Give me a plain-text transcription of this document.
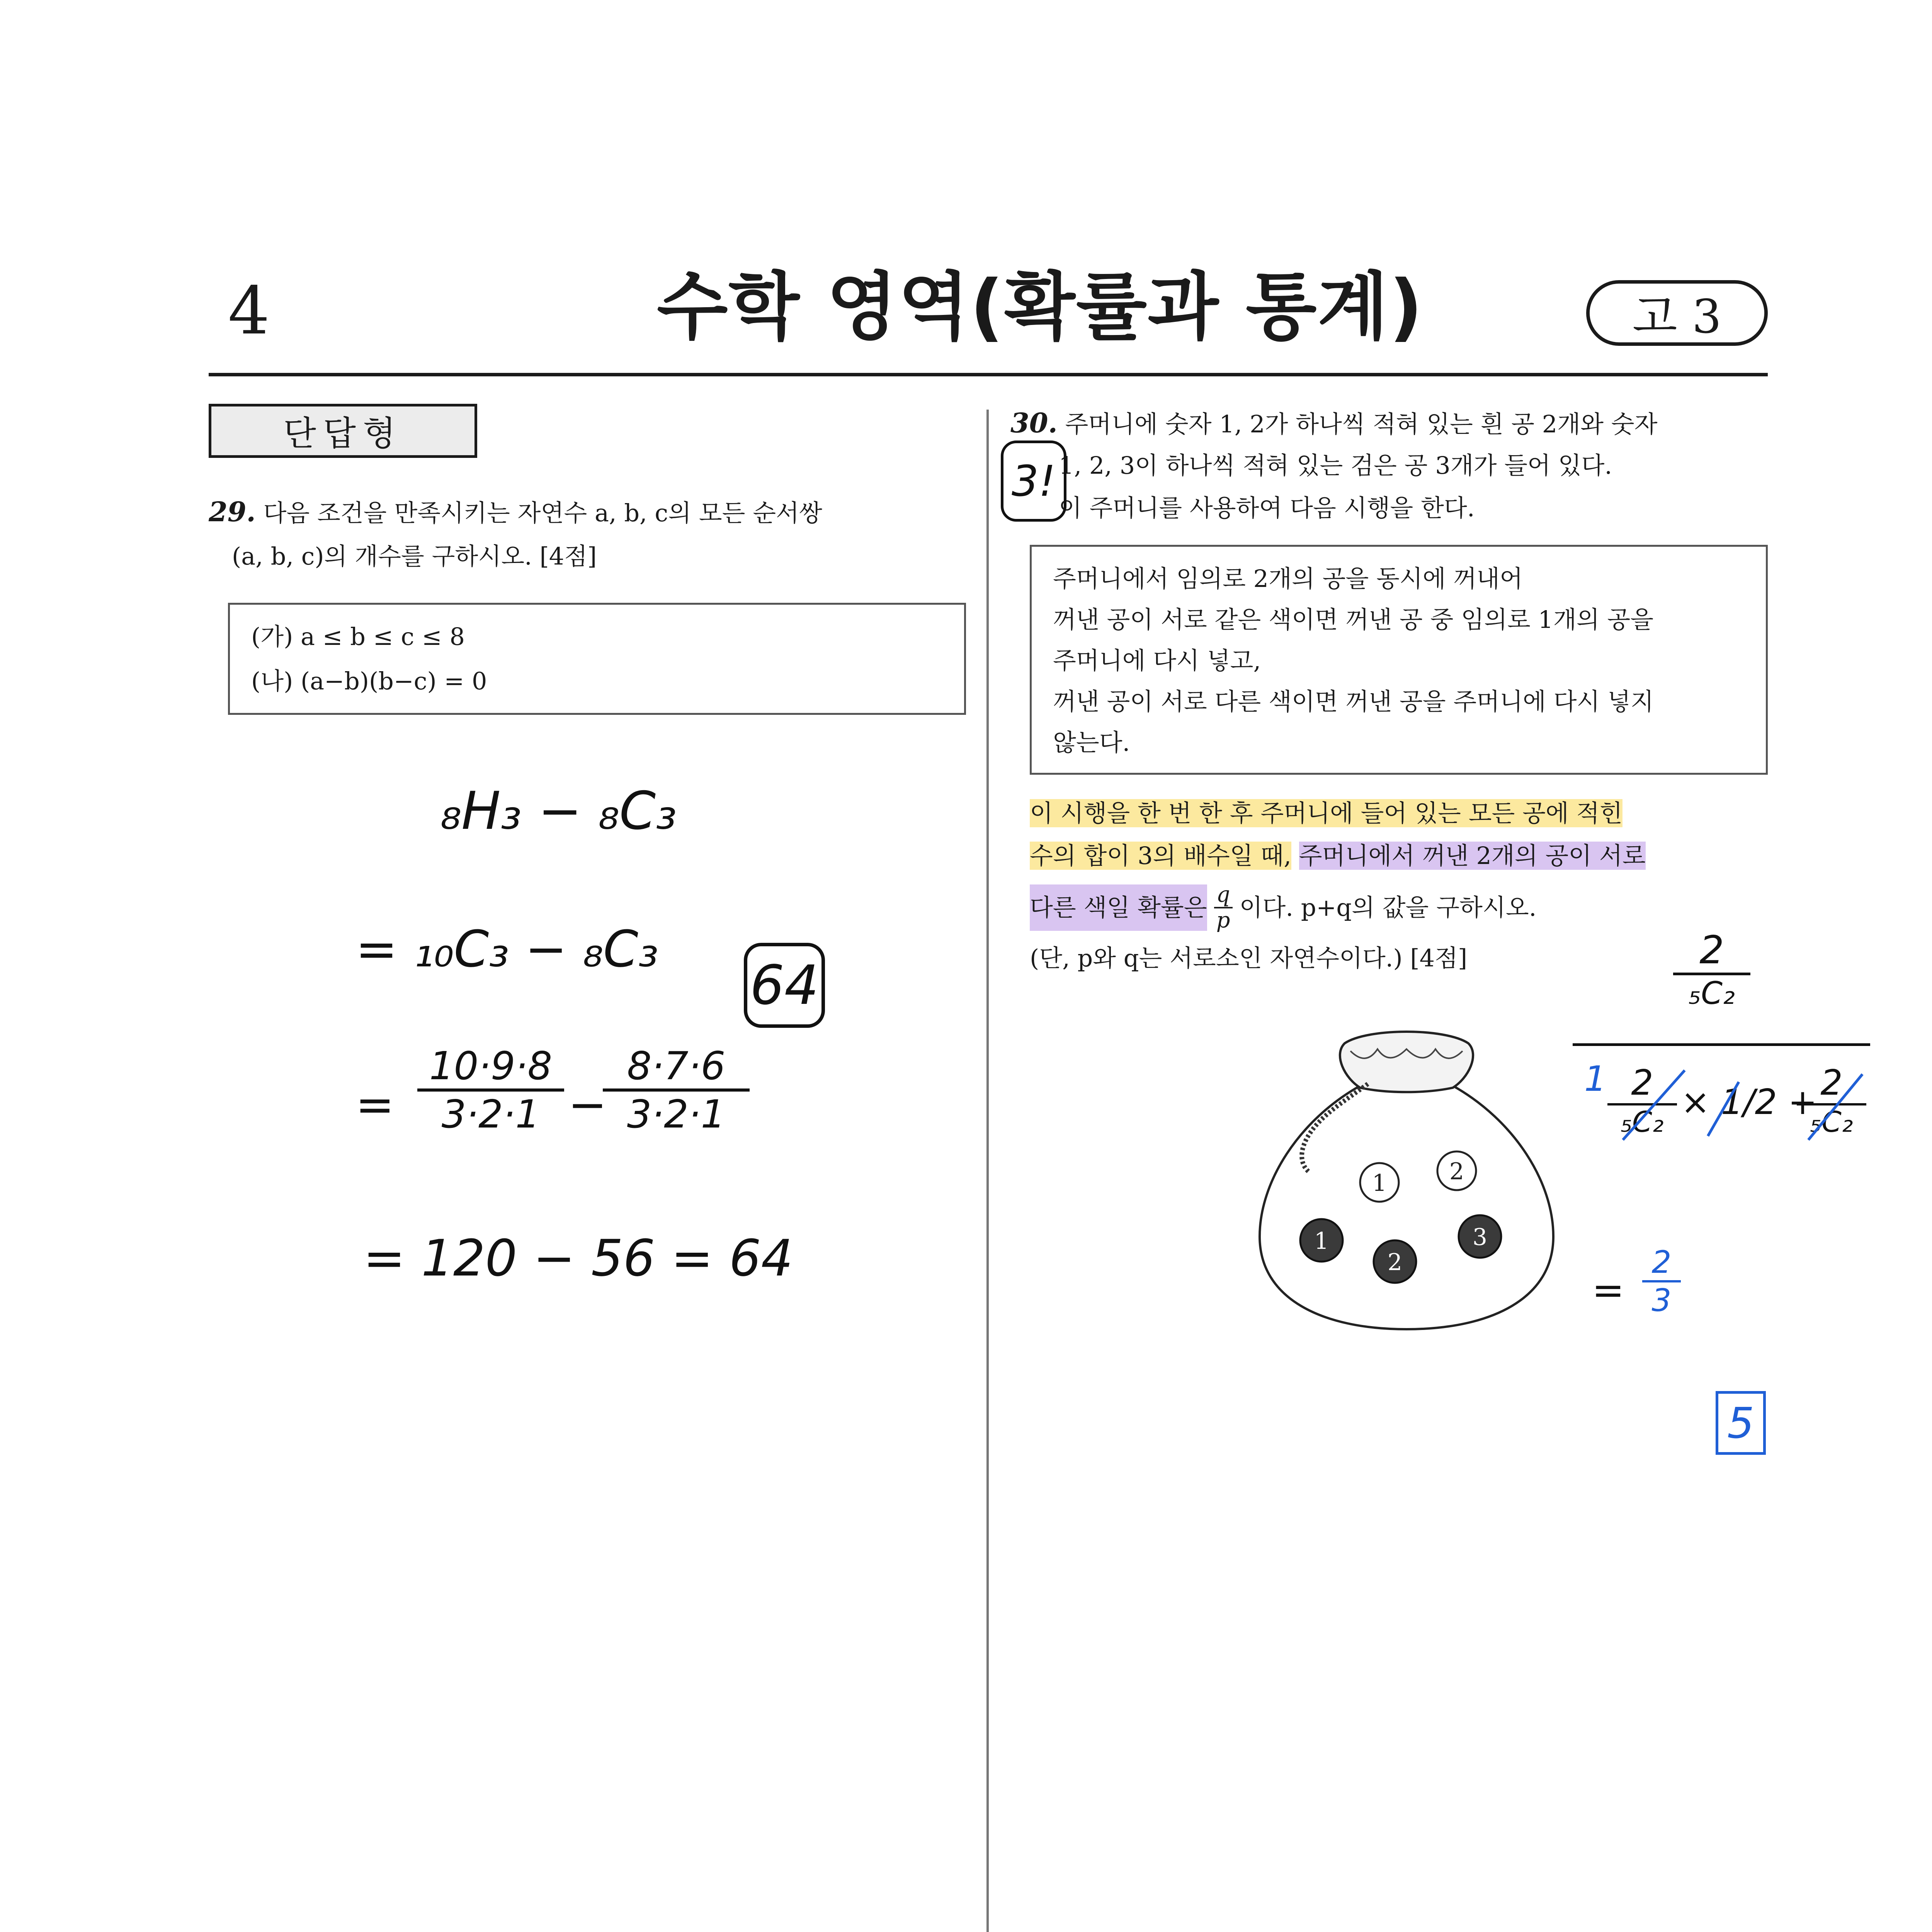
4	수학 영역(확률과 통계)	고 3
단답형
29. 다음 조건을 만족시키는 자연수 a, b, c의 모든 순서쌍
(a, b, c)의 개수를 구하시오. [4점]
(가) a ≤ b ≤ c ≤ 8
(나) (a−b)(b−c) = 0
₈H₃ − ₈C₃
= ₁₀C₃ − ₈C₃
= $\frac{10\cdot 9\cdot 8}{3\cdot 2\cdot 1}$ −
$\frac{8\cdot 7\cdot 6}{3\cdot 2\cdot 1}$
= 120 − 56 = 64
64
30. 주머니에 숫자 1, 2가 하나씩 적혀 있는 흰 공 2개와 숫자
1, 2, 3이 하나씩 적혀 있는 검은 공 3개가 들어 있다.
이 주머니를 사용하여 다음 시행을 한다.
3!
주머니에서 임의로 2개의 공을 동시에 꺼내어
꺼낸 공이 서로 같은 색이면 꺼낸 공 중 임의로 1개의 공을
주머니에 다시 넣고,
꺼낸 공이 서로 다른 색이면 꺼낸 공을 주머니에 다시 넣지
않는다.
이 시행을 한 번 한 후 주머니에 들어 있는 모든 공에 적힌
수의 합이 3의 배수일 때, 주머니에서 꺼낸 2개의 공이 서로
다른 색일 확률은 $\frac{q}{p}$ 이다. p+q의 값을 구하시오.
(단, p와 q는 서로소인 자연수이다.) [4점]
1	2
1
2
3
2
₅C₂
1 2
₅C₂ × 1/2 + 2
₅C₂
= $\frac{2}{3}$
5
